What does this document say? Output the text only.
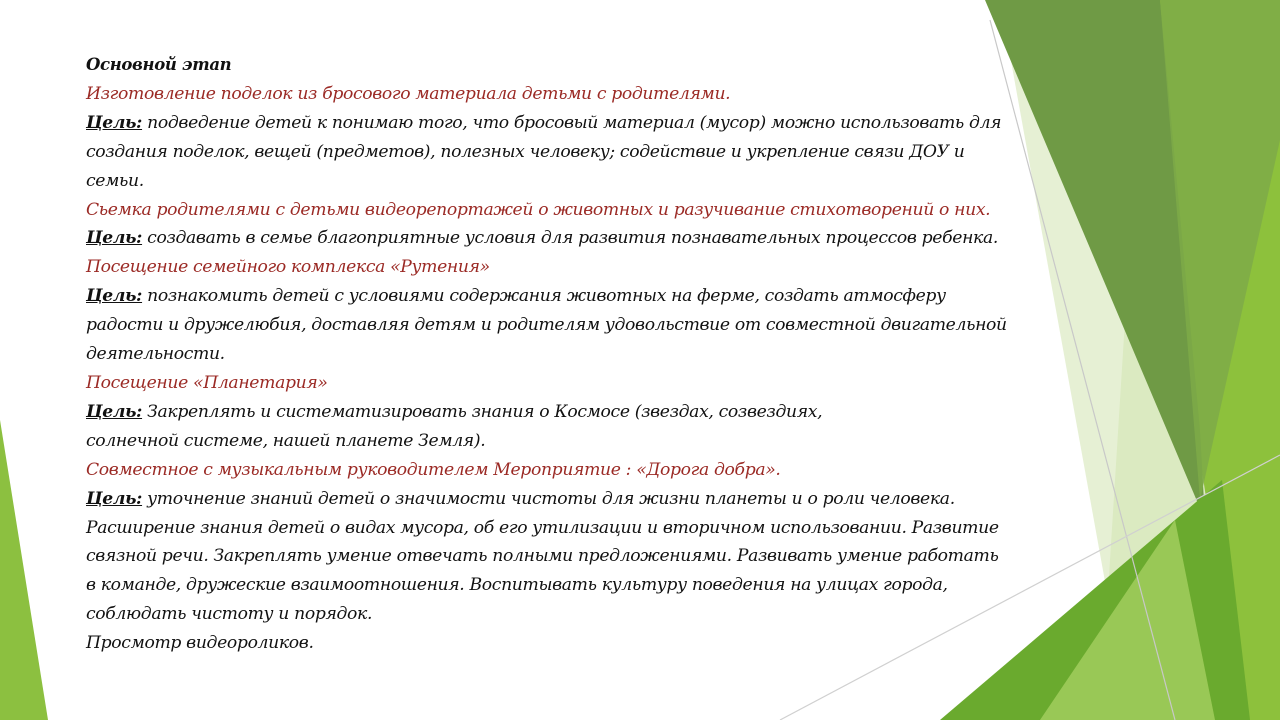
Основной этап
Изготовление поделок из бросового материала детьми с родителями.
Цель: подведение детей к понимаю того, что бросовый материал (мусор) можно использовать для
создания поделок, вещей (предметов), полезных человеку; содействие и укрепление связи ДОУ и
семьи.
Сьемка родителями с детьми видеорепортажей о животных и разучивание стихотворений о них.
Цель: создавать в семье благоприятные условия для развития познавательных процессов ребенка.
Посещение семейного комплекса «Рутения»
Цель: познакомить детей с условиями содержания животных на ферме, создать атмосферу
радости и дружелюбия, доставляя детям и родителям удовольствие от совместной двигательной
деятельности.
Посещение «Планетария»
Цель: Закреплять и систематизировать знания о Космосе (звездах, созвездиях,
солнечной системе, нашей планете Земля).
Совместное с музыкальным руководителем Мероприятие : «Дорога добра».
Цель: уточнение знаний детей о значимости чистоты для жизни планеты и о роли человека.
Расширение знания детей о видах мусора, об его утилизации и вторичном использовании. Развитие
связной речи. Закреплять умение отвечать полными предложениями. Развивать умение работать
в команде, дружеские взаимоотношения. Воспитывать культуру поведения на улицах города,
соблюдать чистоту и порядок.
Просмотр видеороликов.
